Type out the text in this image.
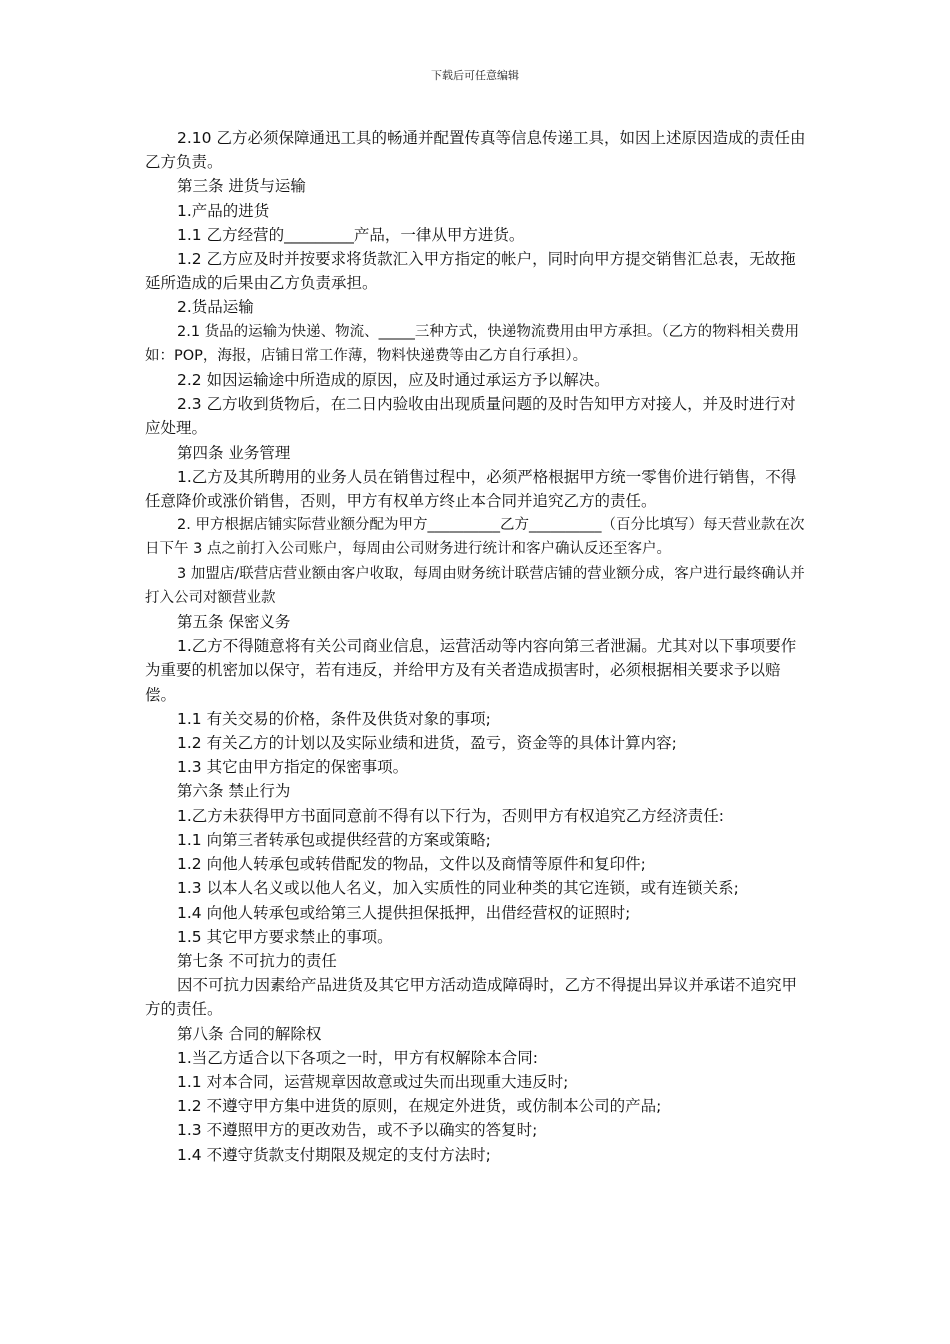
下载后可任意编辑

2.10 乙方必须保障通迅工具的畅通并配置传真等信息传递工具，如因上述原因造成的责任由乙方负责。

第三条 进货与运输

1.产品的进货

1.1 乙方经营的_________产品，一律从甲方进货。

1.2 乙方应及时并按要求将货款汇入甲方指定的帐户，同时向甲方提交销售汇总表，无故拖延所造成的后果由乙方负责承担。

2.货品运输

2.1 货品的运输为快递、物流、_____三种方式，快递物流费用由甲方承担。（乙方的物料相关费用 如：POP，海报，店铺日常工作薄，物料快递费等由乙方自行承担）。

2.2 如因运输途中所造成的原因，应及时通过承运方予以解决。

2.3 乙方收到货物后，在二日内验收由出现质量问题的及时告知甲方对接人，并及时进行对应处理。

第四条 业务管理

1.乙方及其所聘用的业务人员在销售过程中，必须严格根据甲方统一零售价进行销售，不得任意降价或涨价销售，否则，甲方有权单方终止本合同并追究乙方的责任。

2. 甲方根据店铺实际营业额分配为甲方__________乙方__________（百分比填写）每天营业款在次日下午 3 点之前打入公司账户，每周由公司财务进行统计和客户确认反还至客户。

3 加盟店/联营店营业额由客户收取，每周由财务统计联营店铺的营业额分成，客户进行最终确认并打入公司对额营业款

第五条 保密义务

1.乙方不得随意将有关公司商业信息，运营活动等内容向第三者泄漏。尤其对以下事项要作为重要的机密加以保守，若有违反，并给甲方及有关者造成损害时，必须根据相关要求予以赔偿。

1.1 有关交易的价格，条件及供货对象的事项;

1.2 有关乙方的计划以及实际业绩和进货，盈亏，资金等的具体计算内容;

1.3 其它由甲方指定的保密事项。

第六条 禁止行为

1.乙方未获得甲方书面同意前不得有以下行为，否则甲方有权追究乙方经济责任:

1.1 向第三者转承包或提供经营的方案或策略;

1.2 向他人转承包或转借配发的物品，文件以及商情等原件和复印件;

1.3 以本人名义或以他人名义，加入实质性的同业种类的其它连锁，或有连锁关系;

1.4 向他人转承包或给第三人提供担保抵押，出借经营权的证照时;

1.5 其它甲方要求禁止的事项。

第七条 不可抗力的责任

因不可抗力因素给产品进货及其它甲方活动造成障碍时，乙方不得提出异议并承诺不追究甲方的责任。

第八条 合同的解除权

1.当乙方适合以下各项之一时，甲方有权解除本合同:

1.1 对本合同，运营规章因故意或过失而出现重大违反时;

1.2 不遵守甲方集中进货的原则，在规定外进货，或仿制本公司的产品;

1.3 不遵照甲方的更改劝告，或不予以确实的答复时;

1.4 不遵守货款支付期限及规定的支付方法时;
